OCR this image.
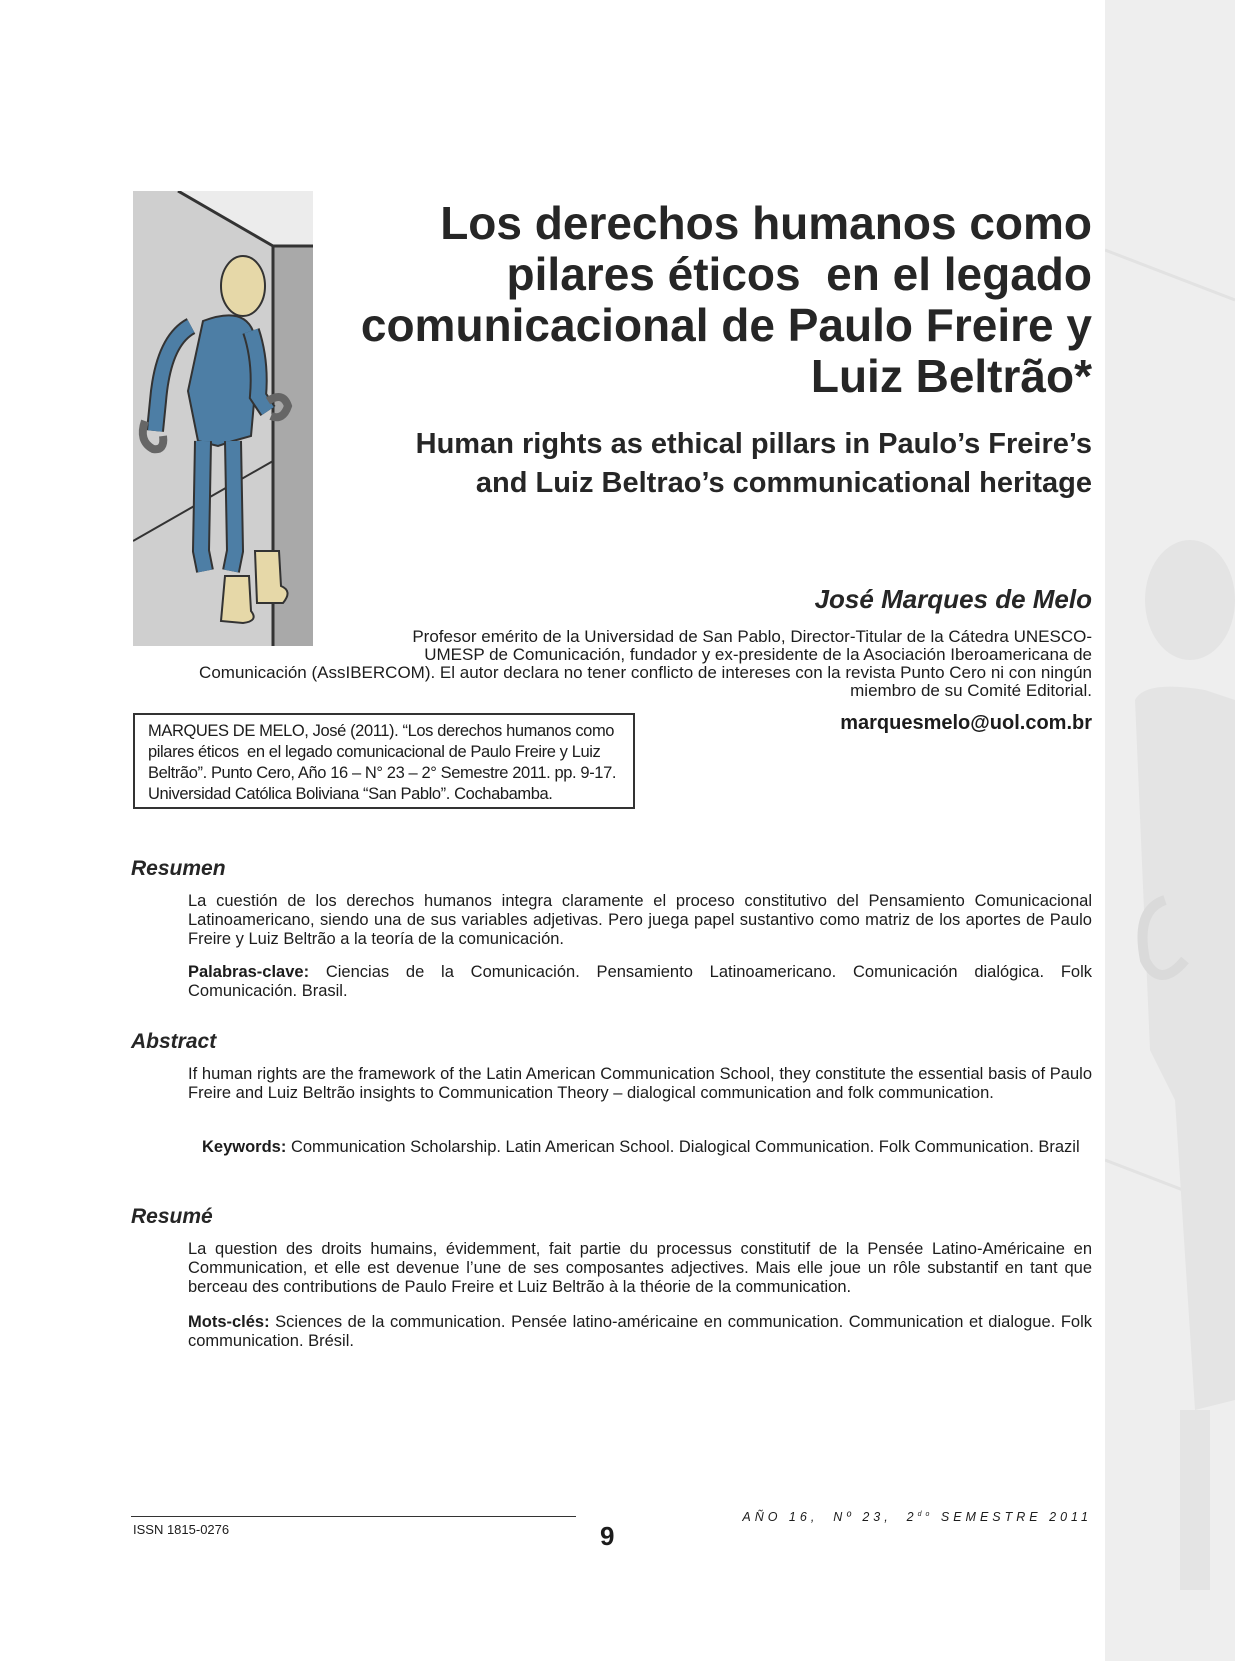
Los derechos humanos como
pilares éticos  en el legado
comunicacional de Paulo Freire y
Luiz Beltrão*
Human rights as ethical pillars in Paulo’s Freire’s
and Luiz Beltrao’s communicational heritage

José Marques de Melo

Profesor emérito de la Universidad de San Pablo, Director-Titular de la Cátedra UNESCO-
UMESP de Comunicación, fundador y ex-presidente de la Asociación Iberoamericana de
Comunicación (AssIBERCOM). El autor declara no tener conflicto de intereses con la revista Punto Cero ni con ningún
miembro de su Comité Editorial.

marquesmelo@uol.com.br
MARQUES DE MELO, José (2011). “Los derechos humanos como
pilares éticos  en el legado comunicacional de Paulo Freire y Luiz
Beltrão”. Punto Cero, Año 16 – N° 23 – 2° Semestre 2011. pp. 9-17.
Universidad Católica Boliviana “San Pablo”. Cochabamba.
Resumen

La cuestión de los derechos humanos integra claramente el proceso constitutivo del Pensamiento Comunicacional Latinoamericano, siendo una de sus variables adjetivas. Pero juega papel sustantivo como matriz de los aportes de Paulo Freire y Luiz Beltrão a la teoría de la comunicación.

Palabras-clave: Ciencias de la Comunicación. Pensamiento Latinoamericano. Comunicación dialógica. Folk Comunicación. Brasil.

Abstract

If human rights are the framework of the Latin American Communication School, they constitute the essential basis of Paulo Freire and Luiz Beltrão insights to Communication Theory – dialogical communication and folk communication.

Keywords: Communication Scholarship. Latin American School. Dialogical Communication. Folk Communication. Brazil

Resumé

La question des droits humains, évidemment, fait partie du processus constitutif de la Pensée Latino-Américaine en Communication, et elle est devenue l’une de ses composantes adjectives. Mais elle joue un rôle substantif en tant que berceau des contributions de Paulo Freire et Luiz Beltrão à la théorie de la communication.

Mots-clés: Sciences de la communication. Pensée latino-américaine en communication. Communication et dialogue. Folk communication. Brésil.

ISSN 1815-0276	9
AÑO 16,  Nº 23,  $2^{do}$ SEMESTRE 2011
